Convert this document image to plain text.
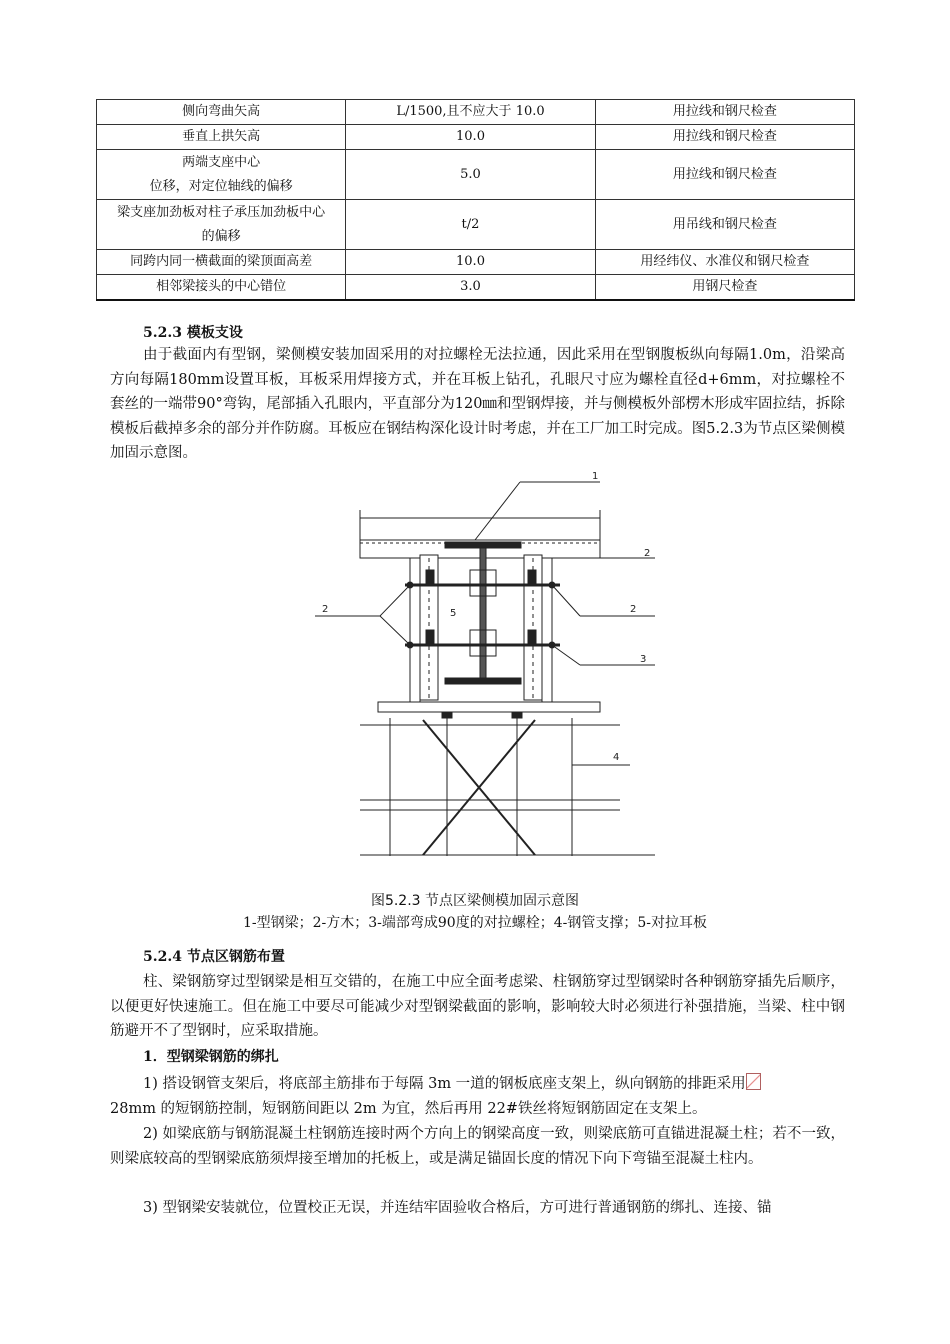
侧向弯曲矢高	L/1500,且不应大于 10.0	用拉线和钢尺检查
垂直上拱矢高	10.0	用拉线和钢尺检查
两端支座中心
位移，对定位轴线的偏移	5.0	用拉线和钢尺检查
梁支座加劲板对柱子承压加劲板中心
的偏移	t/2	用吊线和钢尺检查
同跨内同一横截面的梁顶面高差	10.0	用经纬仪、水准仪和钢尺检查
相邻梁接头的中心错位	3.0	用钢尺检查
5.2.3 模板支设
由于截面内有型钢，梁侧模安装加固采用的对拉螺栓无法拉通，因此采用在型钢腹板纵向每隔1.0m，沿梁高方向每隔180mm设置耳板，耳板采用焊接方式，并在耳板上钻孔，孔眼尺寸应为螺栓直径d+6mm，对拉螺栓不套丝的一端带90°弯钩，尾部插入孔眼内，平直部分为120㎜和型钢焊接，并与侧模板外部楞木形成牢固拉结，拆除模板后截掉多余的部分并作防腐。耳板应在钢结构深化设计时考虑，并在工厂加工时完成。图5.2.3为节点区梁侧模加固示意图。
1
2
2	2
3
4
5
图5.2.3 节点区梁侧模加固示意图
1-型钢梁；2-方木；3-端部弯成90度的对拉螺栓；4-钢管支撑；5-对拉耳板
5.2.4 节点区钢筋布置
柱、梁钢筋穿过型钢梁是相互交错的，在施工中应全面考虑梁、柱钢筋穿过型钢梁时各种钢筋穿插先后顺序，以便更好快速施工。但在施工中要尽可能减少对型钢梁截面的影响，影响较大时必须进行补强措施，当梁、柱中钢筋避开不了型钢时，应采取措施。
1．型钢梁钢筋的绑扎
1) 搭设钢管支架后，将底部主筋排布于每隔 3m 一道的钢板底座支架上，纵向钢筋的排距采用
28mm 的短钢筋控制，短钢筋间距以 2m 为宜，然后再用 22#铁丝将短钢筋固定在支架上。
2) 如梁底筋与钢筋混凝土柱钢筋连接时两个方向上的钢梁高度一致，则梁底筋可直锚进混凝土柱；若不一致，则梁底较高的型钢梁底筋须焊接至增加的托板上，或是满足锚固长度的情况下向下弯锚至混凝土柱内。
3) 型钢梁安装就位，位置校正无误，并连结牢固验收合格后，方可进行普通钢筋的绑扎、连接、锚
